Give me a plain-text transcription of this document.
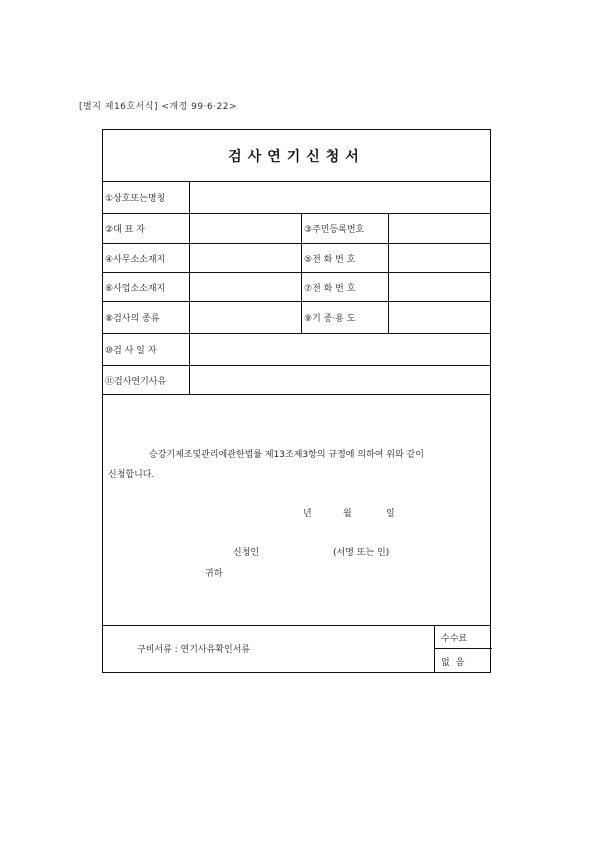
[별지 제16호서식] <개정 99·6·22>
검사연기신청서
①상호또는명칭
②대 표 자	③주민등록번호
④사무소소재지	⑤전 화 번 호
⑥사업소소재지	⑦전 화 번 호
⑧검사의 종류	⑨기 종·용 도
⑩검 사 일 자
⑪검사연기사유
승강기제조및관리에관한법률 제13조제3항의 규정에 의하여 위와 같이
신청합니다.
년	월	일
신청인	(서명 또는 인)
귀하
구비서류 : 연기사유확인서류
수수료
없음
